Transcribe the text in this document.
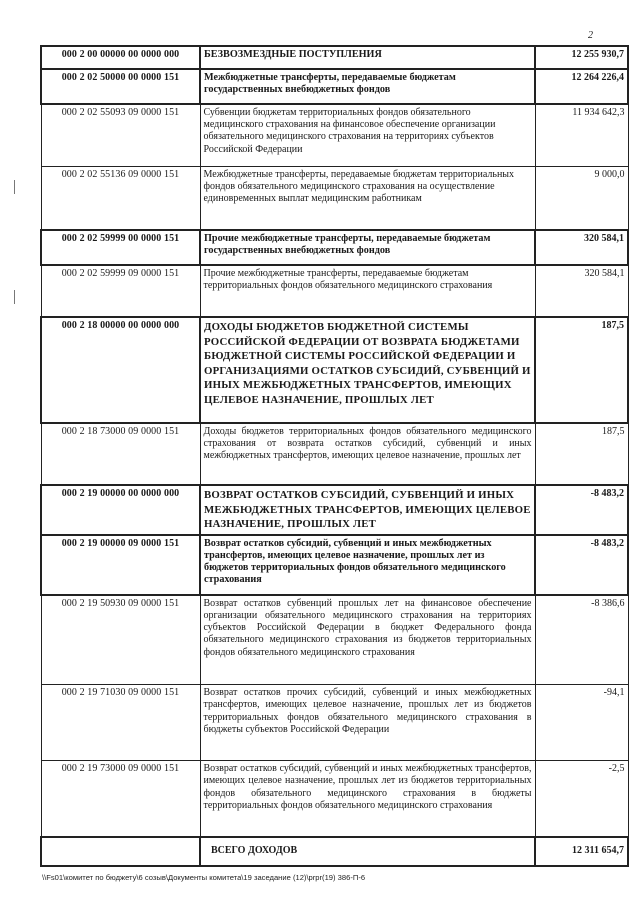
2
000 2 00 00000 00 0000 000	БЕЗВОЗМЕЗДНЫЕ ПОСТУПЛЕНИЯ	12 255 930,7
000 2 02 50000 00 0000 151	Межбюджетные трансферты, передаваемые бюджетам государственных внебюджетных фондов	12 264 226,4
000 2 02 55093 09 0000 151	Субвенции бюджетам территориальных фондов обязательного медицинского страхования на финансовое обеспечение организации обязательного медицинского страхования на территориях субъектов Российской Федерации	11 934 642,3
000 2 02 55136 09 0000 151	Межбюджетные трансферты, передаваемые бюджетам территориальных фондов обязательного медицинского страхования на осуществление единовременных выплат медицинским работникам	9 000,0
000 2 02 59999 00 0000 151	Прочие межбюджетные трансферты, передаваемые бюджетам государственных внебюджетных фондов	320 584,1
000 2 02 59999 09 0000 151	Прочие межбюджетные трансферты, передаваемые бюджетам территориальных фондов обязательного медицинского страхования	320 584,1
000 2 18 00000 00 0000 000	ДОХОДЫ БЮДЖЕТОВ БЮДЖЕТНОЙ СИСТЕМЫ РОССИЙСКОЙ ФЕДЕРАЦИИ ОТ ВОЗВРАТА БЮДЖЕТАМИ БЮДЖЕТНОЙ СИСТЕМЫ РОССИЙСКОЙ ФЕДЕРАЦИИ И ОРГАНИЗАЦИЯМИ ОСТАТКОВ СУБСИДИЙ, СУБВЕНЦИЙ И ИНЫХ МЕЖБЮДЖЕТНЫХ ТРАНСФЕРТОВ, ИМЕЮЩИХ ЦЕЛЕВОЕ НАЗНАЧЕНИЕ, ПРОШЛЫХ ЛЕТ	187,5
000 2 18 73000 09 0000 151	Доходы бюджетов территориальных фондов обязательного медицинского страхования от возврата остатков субсидий, субвенций и иных межбюджетных трансфертов, имеющих целевое назначение, прошлых лет	187,5
000 2 19 00000 00 0000 000	ВОЗВРАТ ОСТАТКОВ СУБСИДИЙ, СУБВЕНЦИЙ И ИНЫХ МЕЖБЮДЖЕТНЫХ ТРАНСФЕРТОВ, ИМЕЮЩИХ ЦЕЛЕВОЕ НАЗНАЧЕНИЕ, ПРОШЛЫХ ЛЕТ	-8 483,2
000 2 19 00000 09 0000 151	Возврат остатков субсидий, субвенций и иных межбюджетных трансфертов, имеющих целевое назначение, прошлых лет из бюджетов территориальных фондов обязательного медицинского страхования	-8 483,2
000 2 19 50930 09 0000 151	Возврат остатков субвенций прошлых лет на финансовое обеспечение организации обязательного медицинского страхования на территориях субъектов Российской Федерации в бюджет Федерального фонда обязательного медицинского страхования из бюджетов территориальных фондов обязательного медицинского страхования	-8 386,6
000 2 19 71030 09 0000 151	Возврат остатков прочих субсидий, субвенций и иных межбюджетных трансфертов, имеющих целевое назначение, прошлых лет из бюджетов территориальных фондов обязательного медицинского страхования в бюджеты субъектов Российской Федерации	-94,1
000 2 19 73000 09 0000 151	Возврат остатков субсидий, субвенций и иных межбюджетных трансфертов, имеющих целевое назначение, прошлых лет из бюджетов территориальных фондов обязательного медицинского страхования в бюджеты территориальных фондов обязательного медицинского страхования	-2,5
	ВСЕГО ДОХОДОВ	12 311 654,7
\\Fs01\комитет по бюджету\6 созыв\Документы комитета\19 заседание (12)\prpr(19) 386-П-6
